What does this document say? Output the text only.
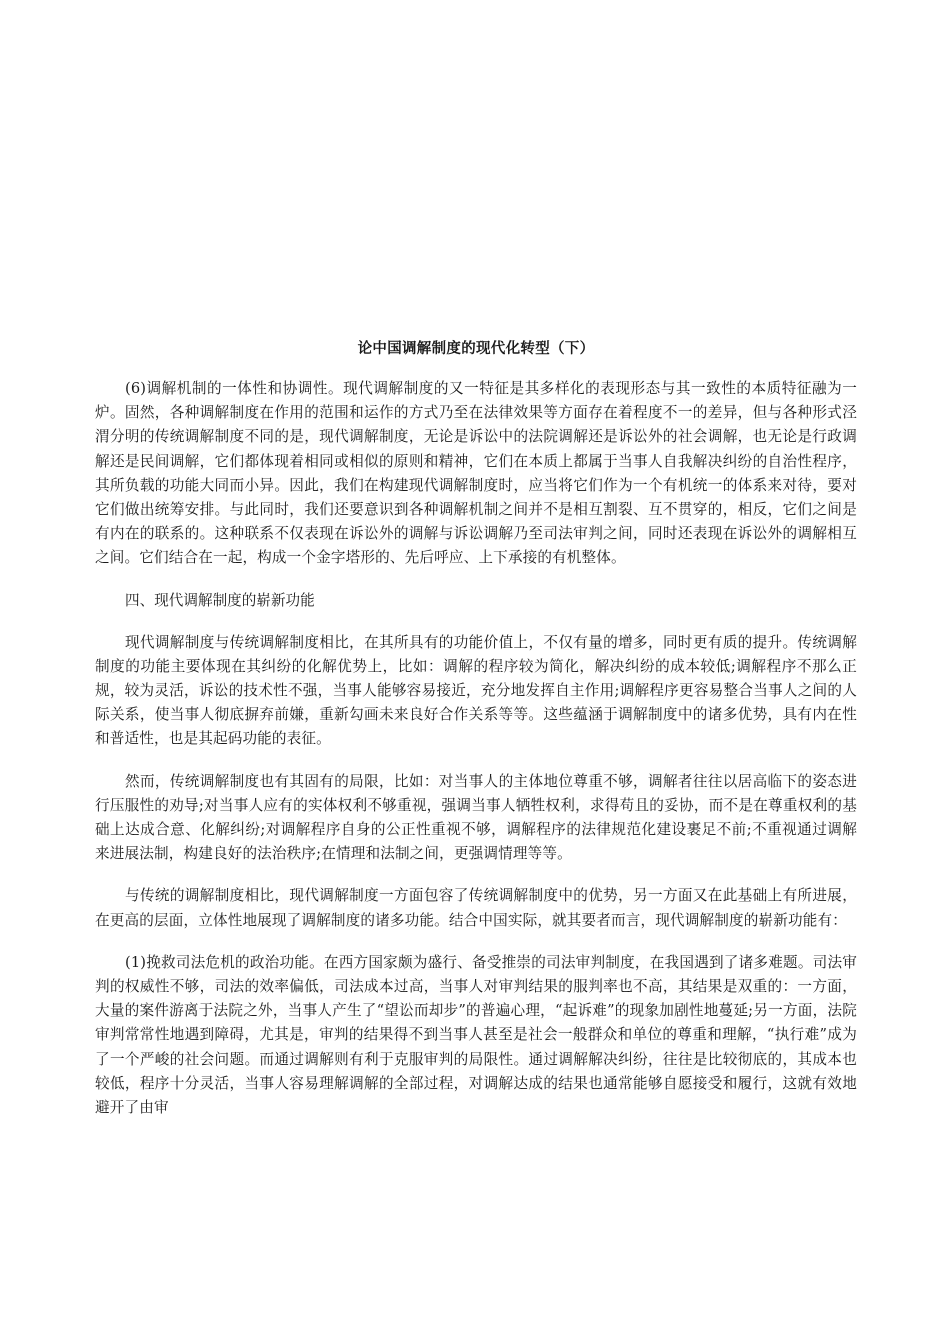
论中国调解制度的现代化转型（下）

(6)调解机制的一体性和协调性。现代调解制度的又一特征是其多样化的表现形态与其一致性的本质特征融为一炉。固然，各种调解制度在作用的范围和运作的方式乃至在法律效果等方面存在着程度不一的差异，但与各种形式泾渭分明的传统调解制度不同的是，现代调解制度，无论是诉讼中的法院调解还是诉讼外的社会调解，也无论是行政调解还是民间调解，它们都体现着相同或相似的原则和精神，它们在本质上都属于当事人自我解决纠纷的自治性程序，其所负载的功能大同而小异。因此，我们在构建现代调解制度时，应当将它们作为一个有机统一的体系来对待，要对它们做出统筹安排。与此同时，我们还要意识到各种调解机制之间并不是相互割裂、互不贯穿的，相反，它们之间是有内在的联系的。这种联系不仅表现在诉讼外的调解与诉讼调解乃至司法审判之间，同时还表现在诉讼外的调解相互之间。它们结合在一起，构成一个金字塔形的、先后呼应、上下承接的有机整体。

四、现代调解制度的崭新功能

现代调解制度与传统调解制度相比，在其所具有的功能价值上，不仅有量的增多，同时更有质的提升。传统调解制度的功能主要体现在其纠纷的化解优势上，比如：调解的程序较为简化，解决纠纷的成本较低;调解程序不那么正规，较为灵活，诉讼的技术性不强，当事人能够容易接近，充分地发挥自主作用;调解程序更容易整合当事人之间的人际关系，使当事人彻底摒弃前嫌，重新勾画未来良好合作关系等等。这些蕴涵于调解制度中的诸多优势，具有内在性和普适性，也是其起码功能的表征。

然而，传统调解制度也有其固有的局限，比如：对当事人的主体地位尊重不够，调解者往往以居高临下的姿态进行压服性的劝导;对当事人应有的实体权利不够重视，强调当事人牺牲权利，求得苟且的妥协，而不是在尊重权利的基础上达成合意、化解纠纷;对调解程序自身的公正性重视不够，调解程序的法律规范化建设裹足不前;不重视通过调解来进展法制，构建良好的法治秩序;在情理和法制之间，更强调情理等等。

与传统的调解制度相比，现代调解制度一方面包容了传统调解制度中的优势，另一方面又在此基础上有所进展，在更高的层面，立体性地展现了调解制度的诸多功能。结合中国实际，就其要者而言，现代调解制度的崭新功能有：

(1)挽救司法危机的政治功能。在西方国家颇为盛行、备受推崇的司法审判制度，在我国遇到了诸多难题。司法审判的权威性不够，司法的效率偏低，司法成本过高，当事人对审判结果的服判率也不高，其结果是双重的：一方面，大量的案件游离于法院之外，当事人产生了“望讼而却步”的普遍心理，“起诉难”的现象加剧性地蔓延;另一方面，法院审判常常性地遇到障碍，尤其是，审判的结果得不到当事人甚至是社会一般群众和单位的尊重和理解，“执行难”成为了一个严峻的社会问题。而通过调解则有利于克服审判的局限性。通过调解解决纠纷，往往是比较彻底的，其成本也较低，程序十分灵活，当事人容易理解调解的全部过程，对调解达成的结果也通常能够自愿接受和履行，这就有效地避开了由审
